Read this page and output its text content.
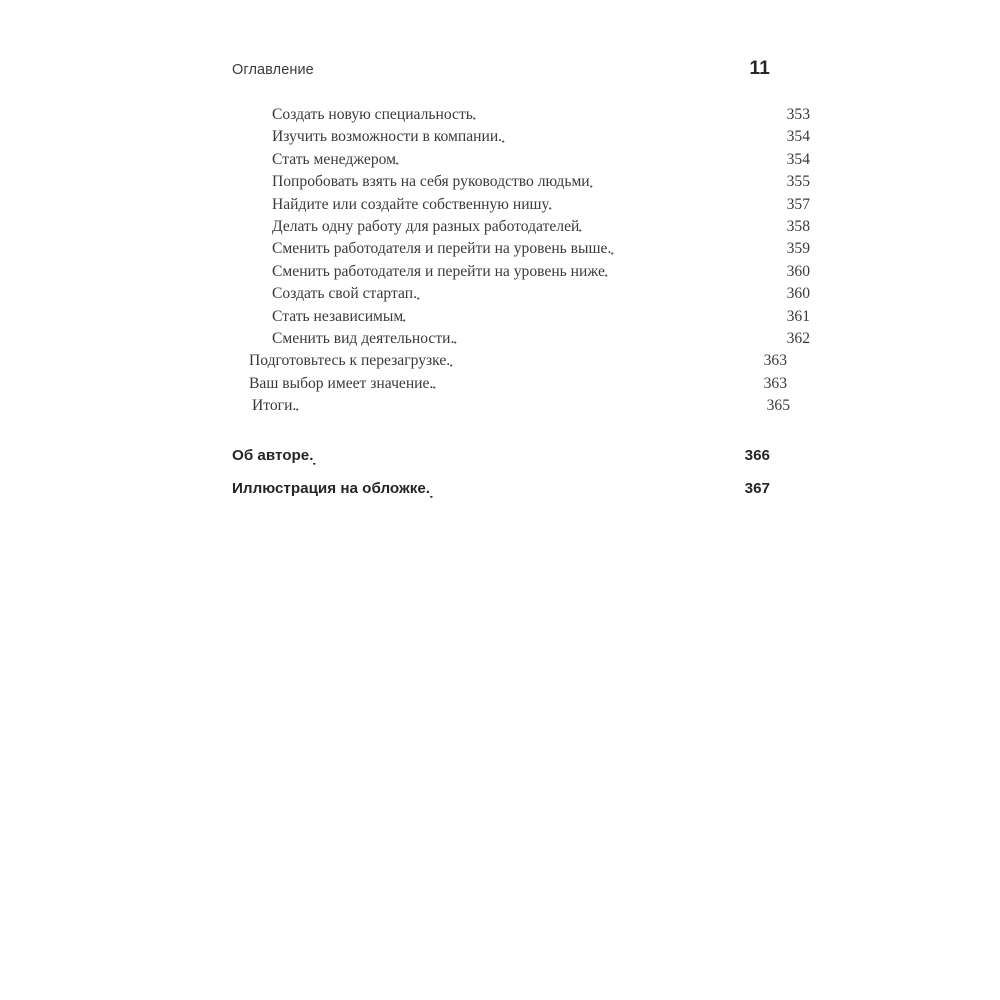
Оглавление	11
Создать новую специальность	353
Изучить возможности в компании.	354
Стать менеджером	354
Попробовать взять на себя руководство людьми	355
Найдите или создайте собственную нишу	357
Делать одну работу для разных работодателей	358
Сменить работодателя и перейти на уровень выше.	359
Сменить работодателя и перейти на уровень ниже	360
Создать свой стартап.	360
Стать независимым	361
Сменить вид деятельности.	362
Подготовьтесь к перезагрузке.	363
Ваш выбор имеет значение.	363
Итоги.	365
Об авторе.	366
Иллюстрация на обложке.	367
